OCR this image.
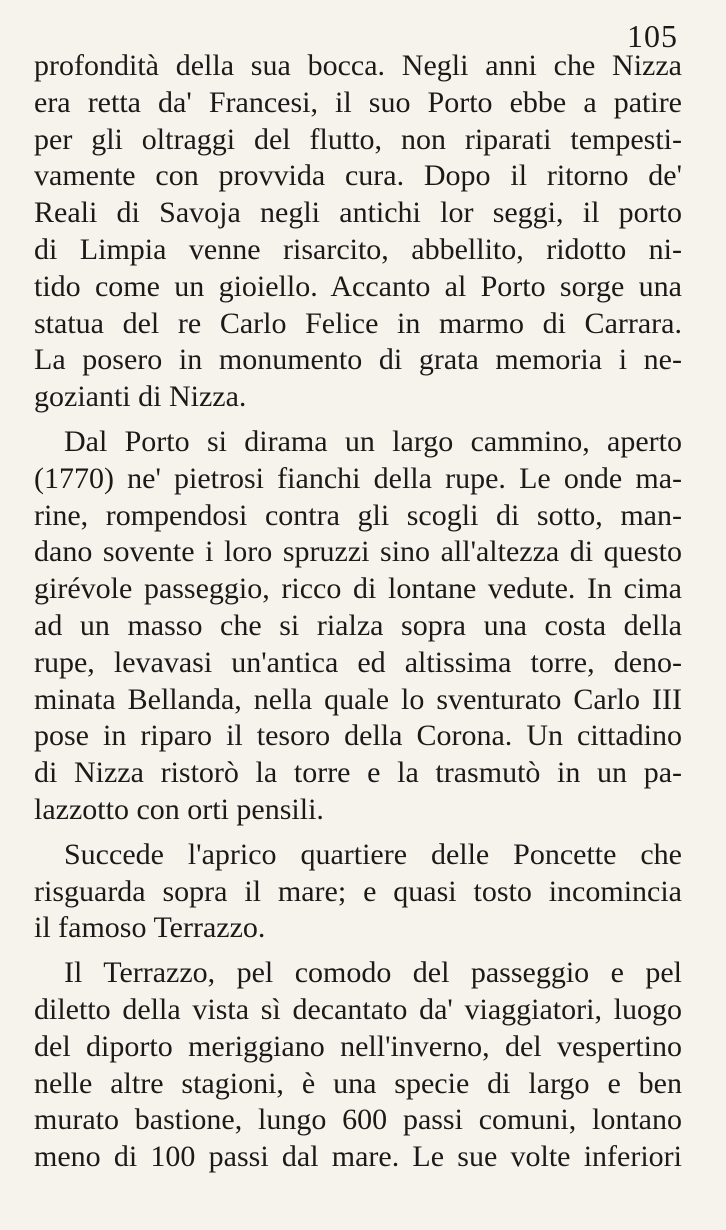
105
profondità della sua bocca. Negli anni che Nizza
era retta da' Francesi, il suo Porto ebbe a patire
per gli oltraggi del flutto, non riparati tempesti-
vamente con provvida cura. Dopo il ritorno de'
Reali di Savoja negli antichi lor seggi, il porto
di Limpia venne risarcito, abbellito, ridotto ni-
tido come un gioiello. Accanto al Porto sorge una
statua del re Carlo Felice in marmo di Carrara.
La posero in monumento di grata memoria i ne-
gozianti di Nizza.
Dal Porto si dirama un largo cammino, aperto
(1770) ne' pietrosi fianchi della rupe. Le onde ma-
rine, rompendosi contra gli scogli di sotto, man-
dano sovente i loro spruzzi sino all'altezza di questo
girévole passeggio, ricco di lontane vedute. In cima
ad un masso che si rialza sopra una costa della
rupe, levavasi un'antica ed altissima torre, deno-
minata Bellanda, nella quale lo sventurato Carlo III
pose in riparo il tesoro della Corona. Un cittadino
di Nizza ristorò la torre e la trasmutò in un pa-
lazzotto con orti pensili.
Succede l'aprico quartiere delle Poncette che
risguarda sopra il mare; e quasi tosto incomincia
il famoso Terrazzo.
Il Terrazzo, pel comodo del passeggio e pel
diletto della vista sì decantato da' viaggiatori, luogo
del diporto meriggiano nell'inverno, del vespertino
nelle altre stagioni, è una specie di largo e ben
murato bastione, lungo 600 passi comuni, lontano
meno di 100 passi dal mare. Le sue volte inferiori
